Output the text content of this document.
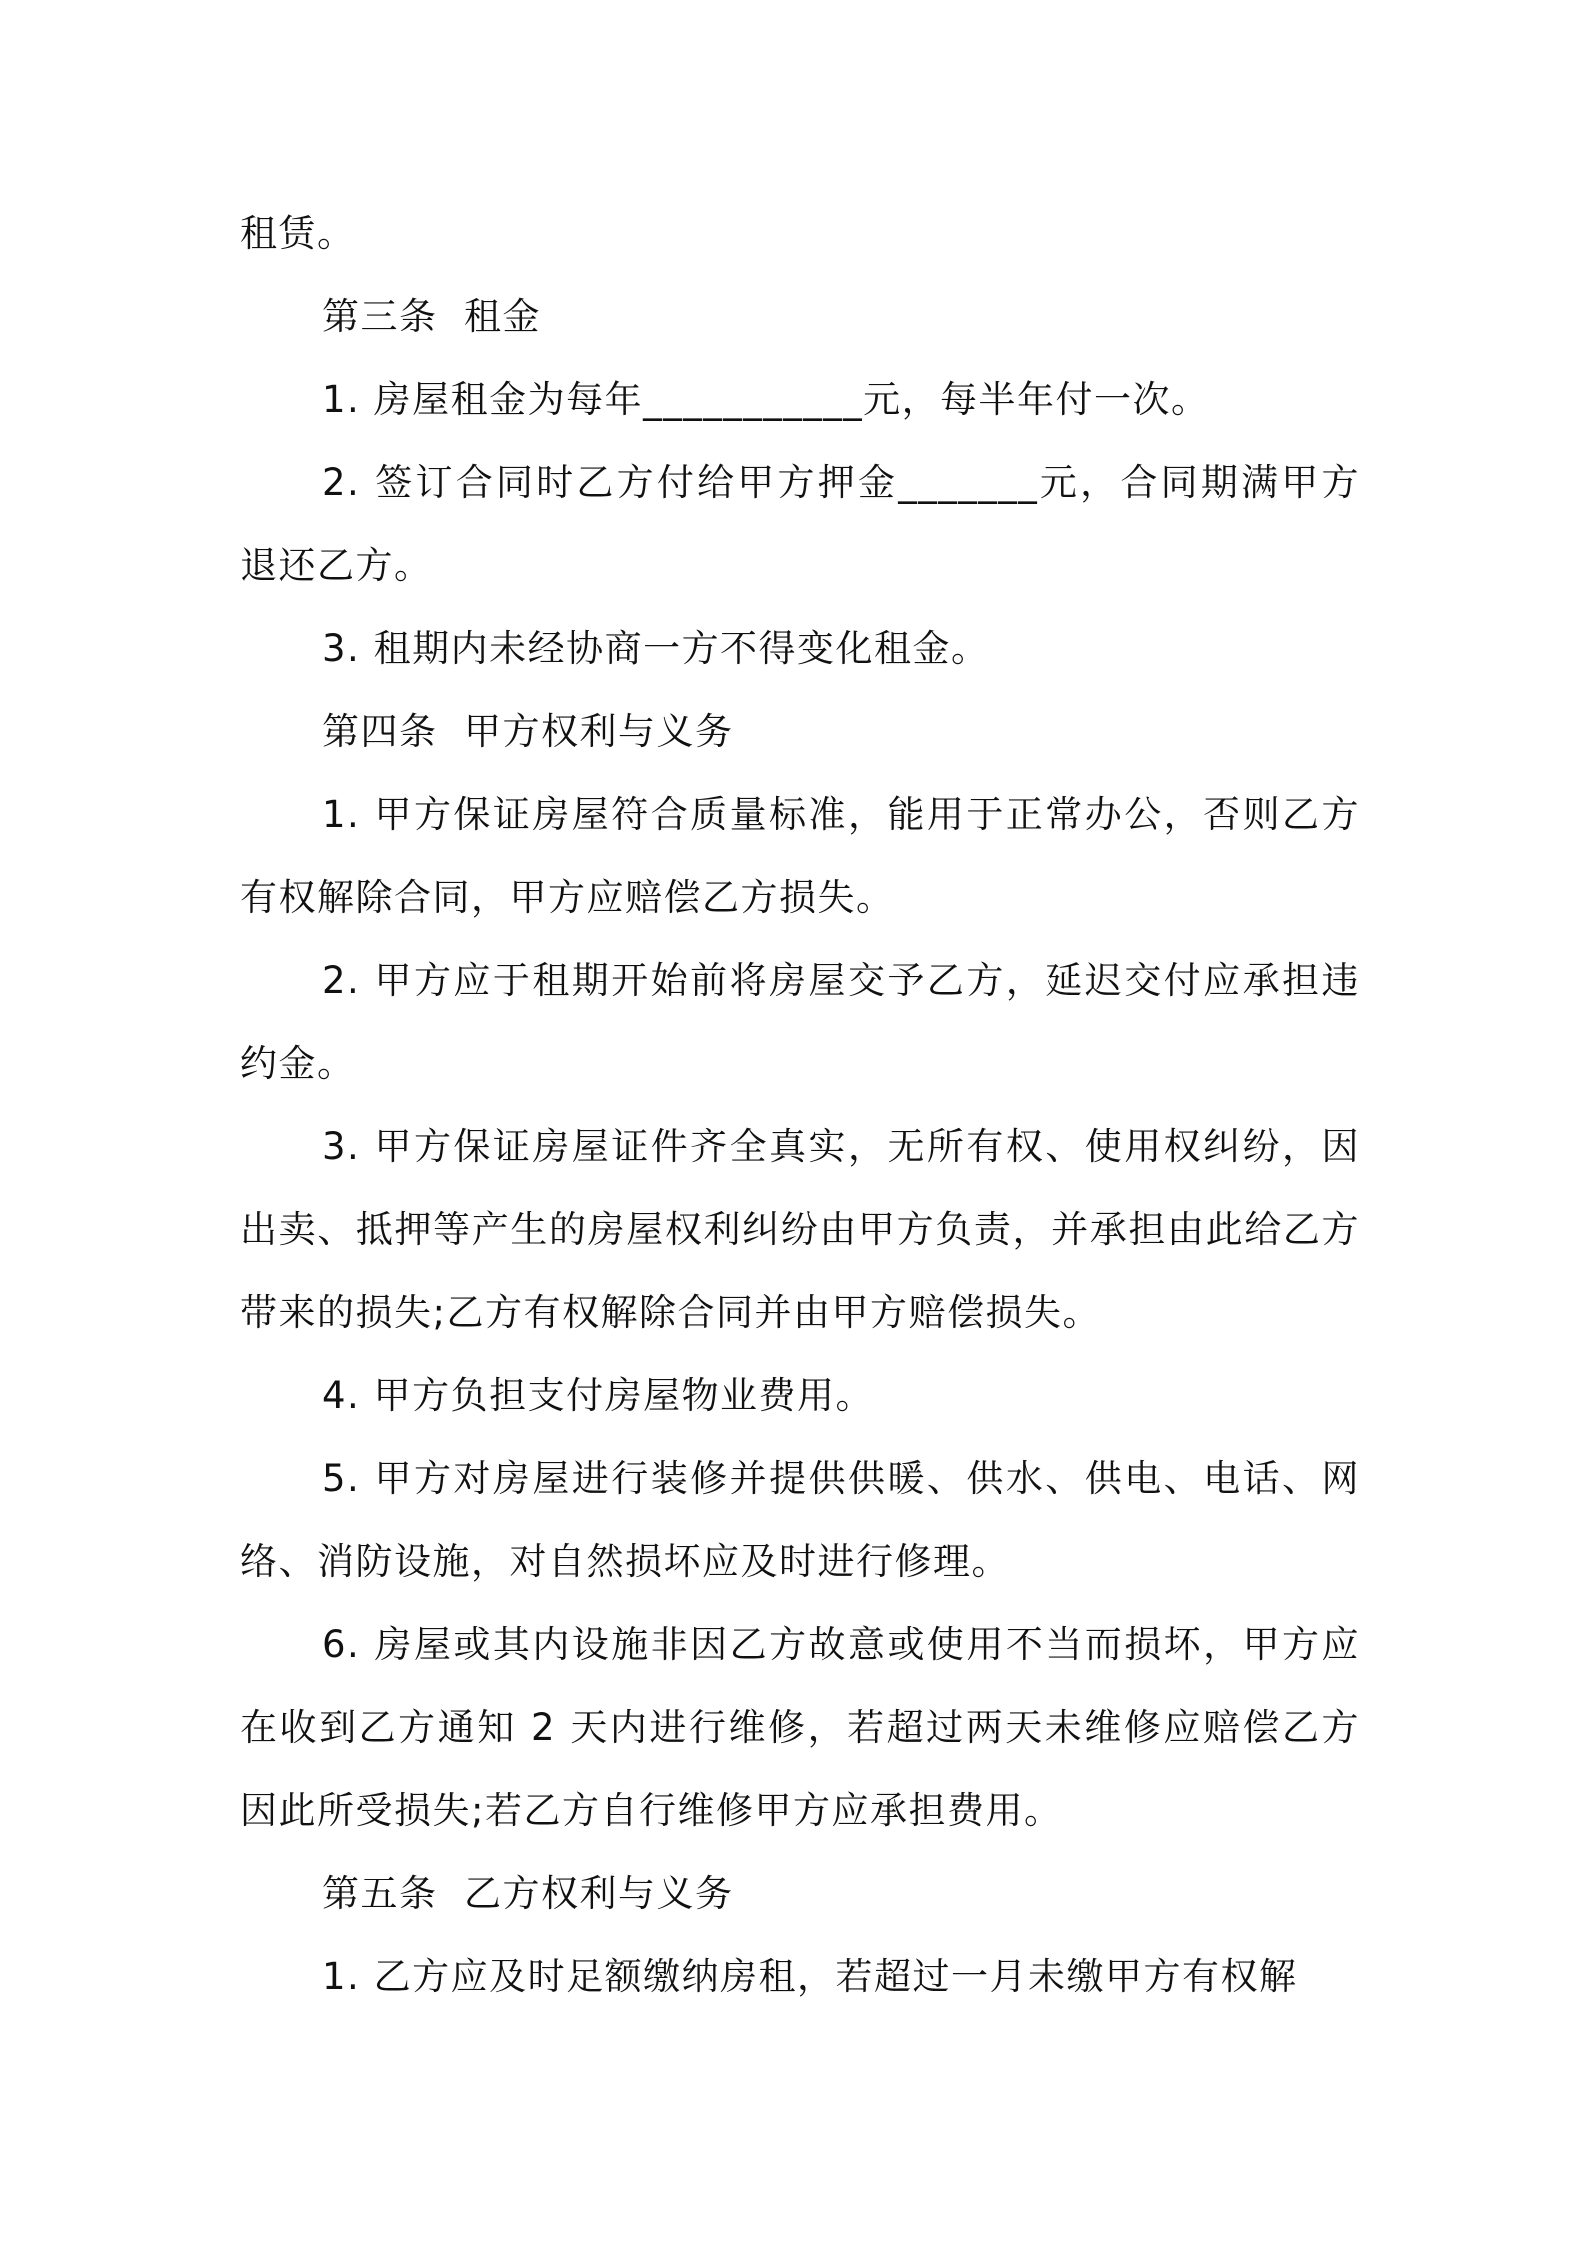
租赁。

第三条  租金

1. 房屋租金为每年___________元，每半年付一次。

2. 签订合同时乙方付给甲方押金_______元，合同期满甲方退还乙方。

3. 租期内未经协商一方不得变化租金。

第四条  甲方权利与义务

1. 甲方保证房屋符合质量标准，能用于正常办公，否则乙方有权解除合同，甲方应赔偿乙方损失。

2. 甲方应于租期开始前将房屋交予乙方，延迟交付应承担违约金。

3. 甲方保证房屋证件齐全真实，无所有权、使用权纠纷，因出卖、抵押等产生的房屋权利纠纷由甲方负责，并承担由此给乙方带来的损失;乙方有权解除合同并由甲方赔偿损失。

4. 甲方负担支付房屋物业费用。

5. 甲方对房屋进行装修并提供供暖、供水、供电、电话、网络、消防设施，对自然损坏应及时进行修理。

6. 房屋或其内设施非因乙方故意或使用不当而损坏，甲方应在收到乙方通知 2 天内进行维修，若超过两天未维修应赔偿乙方因此所受损失;若乙方自行维修甲方应承担费用。

第五条  乙方权利与义务

1. 乙方应及时足额缴纳房租，若超过一月未缴甲方有权解
